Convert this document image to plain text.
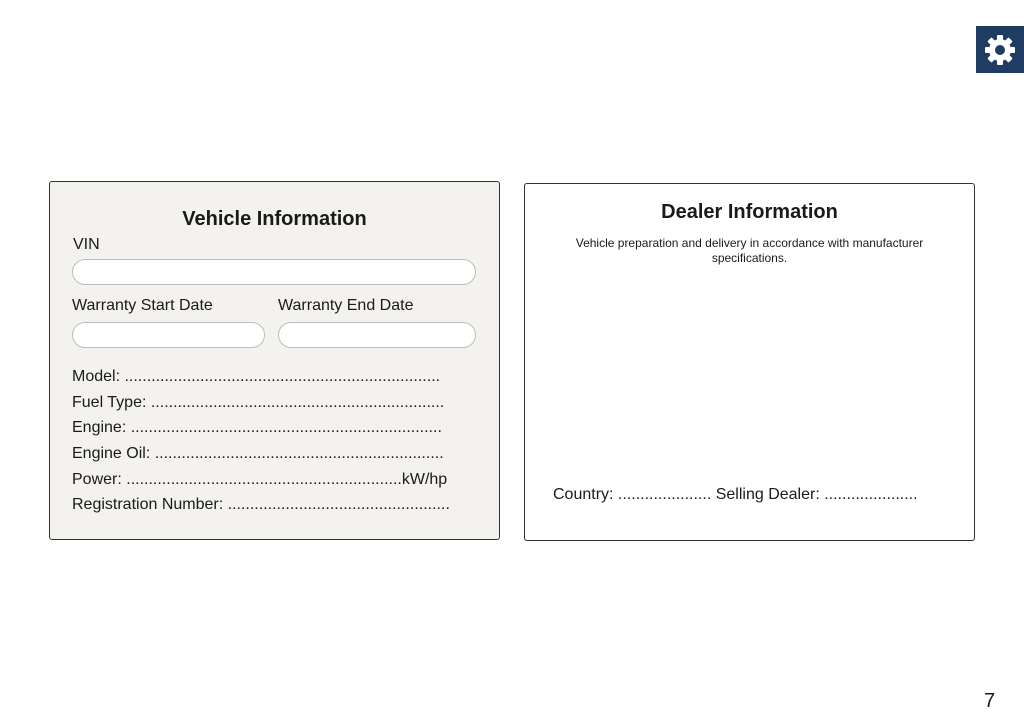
Vehicle Information
VIN
Warranty Start Date	Warranty End Date
Model: .......................................................................
Fuel Type: ..................................................................
Engine: ......................................................................
Engine Oil: .................................................................
Power: ..............................................................kW/hp
Registration Number: ..................................................
Dealer Information
Vehicle preparation and delivery in accordance with manufacturer specifications.
Country: ..................... Selling Dealer: .....................
7
